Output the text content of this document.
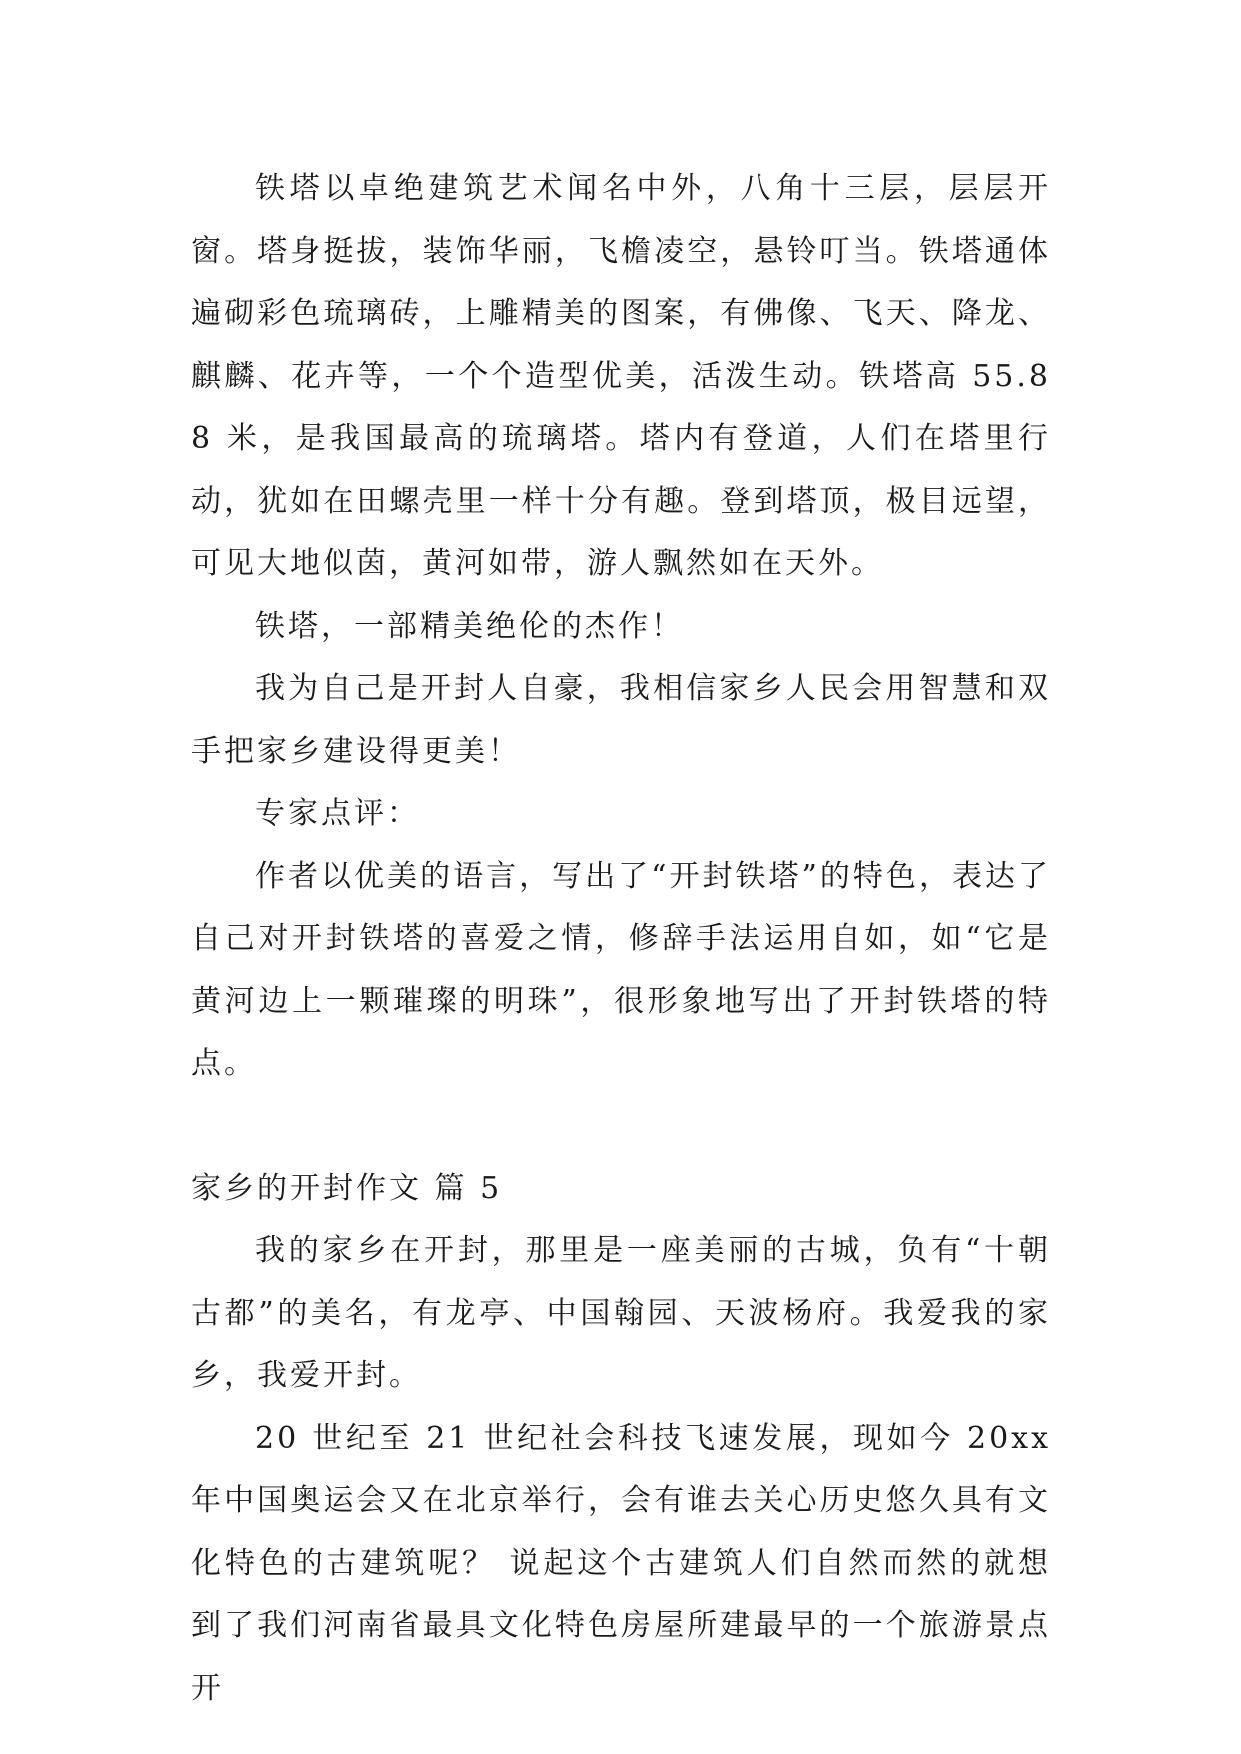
铁塔以卓绝建筑艺术闻名中外，八角十三层，层层开窗。塔身挺拔，装饰华丽，飞檐凌空，悬铃叮当。铁塔通体遍砌彩色琉璃砖，上雕精美的图案，有佛像、飞天、降龙、麒麟、花卉等，一个个造型优美，活泼生动。铁塔高 55.88 米，是我国最高的琉璃塔。塔内有登道，人们在塔里行动，犹如在田螺壳里一样十分有趣。登到塔顶，极目远望，可见大地似茵，黄河如带，游人飘然如在天外。

铁塔，一部精美绝伦的杰作！

我为自己是开封人自豪，我相信家乡人民会用智慧和双手把家乡建设得更美！

专家点评：

作者以优美的语言，写出了“开封铁塔”的特色，表达了自己对开封铁塔的喜爱之情，修辞手法运用自如，如“它是黄河边上一颗璀璨的明珠”，很形象地写出了开封铁塔的特点。

家乡的开封作文 篇 5

我的家乡在开封，那里是一座美丽的古城，负有“十朝古都”的美名，有龙亭、中国翰园、天波杨府。我爱我的家乡，我爱开封。

20 世纪至 21 世纪社会科技飞速发展，现如今 20xx 年中国奥运会又在北京举行，会有谁去关心历史悠久具有文化特色的古建筑呢？ 说起这个古建筑人们自然而然的就想到了我们河南省最具文化特色房屋所建最早的一个旅游景点开
